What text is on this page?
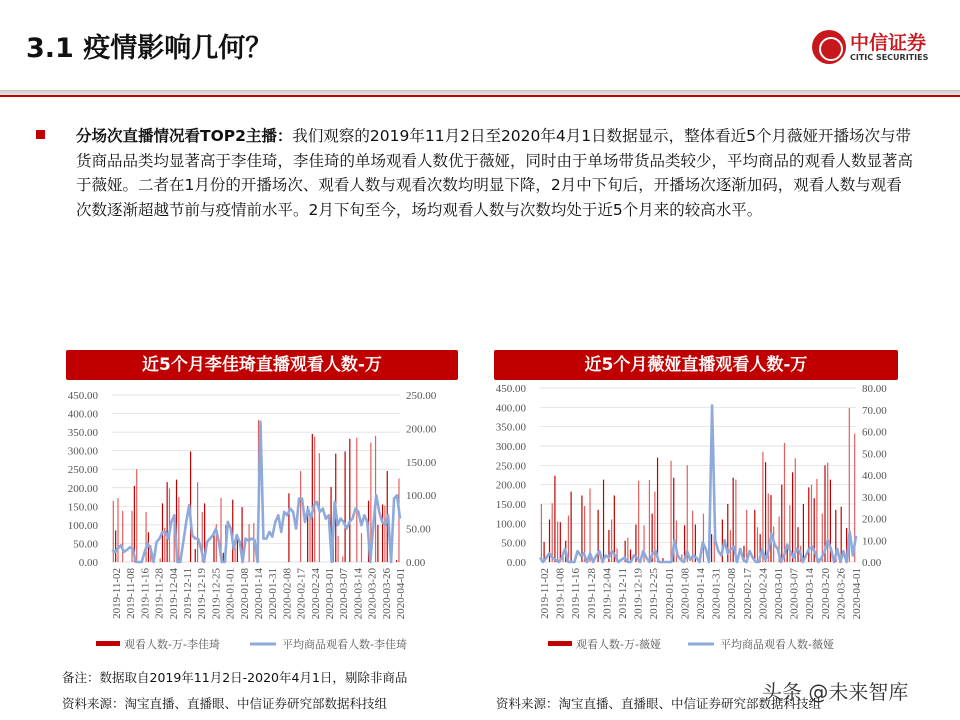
3.1 疫情影响几何？	中信证券
CITIC SECURITIES
分场次直播情况看TOP2主播：我们观察的2019年11月2日至2020年4月1日数据显示，整体看近5个月薇娅开播场次与带货商品品类均显著高于李佳琦，李佳琦的单场观看人数优于薇娅，同时由于单场带货品类较少，平均商品的观看人数显著高于薇娅。二者在1月份的开播场次、观看人数与观看次数均明显下降，2月中下旬后，开播场次逐渐加码，观看人数与观看次数逐渐超越节前与疫情前水平。2月下旬至今，场均观看人数与次数均处于近5个月来的较高水平。
近5个月李佳琦直播观看人数-万	近5个月薇娅直播观看人数-万
0.00
50.00
100.00
150.00
200.00
250.00
300.00
350.00
400.00
450.00
0.00
50.00
100.00
150.00
200.00
250.00
2019-11-02 2019-11-08 2019-11-16 2019-11-28 2019-12-04 2019-12-11 2019-12-19 2019-12-25 2020-01-01 2020-01-08 2020-01-14 2020-01-31 2020-02-08 2020-02-17 2020-02-24 2020-03-01 2020-03-07 2020-03-14 2020-03-20 2020-03-26 2020-04-01
观看人数-万-李佳琦	平均商品观看人数-李佳琦
0.00
50.00
100.00
150.00
200.00
250.00
300.00
350.00
400.00
450.00
0.00
10.00
20.00
30.00
40.00
50.00
60.00
70.00
80.00
2019-11-02 2019-11-08 2019-11-16 2019-11-28 2019-12-04 2019-12-11 2019-12-19 2019-12-25 2020-01-01 2020-01-08 2020-01-14 2020-01-31 2020-02-08 2020-02-17 2020-02-24 2020-03-01 2020-03-07 2020-03-14 2020-03-20 2020-03-26 2020-04-01
观看人数-万-薇娅	平均商品观看人数-薇娅
备注：数据取自2019年11月2日-2020年4月1日，剔除非商品
资料来源：淘宝直播、直播眼、中信证券研究部数据科技组	资料来源：淘宝直播、直播眼、中信证券研究部数据科技组
头条 @未来智库
